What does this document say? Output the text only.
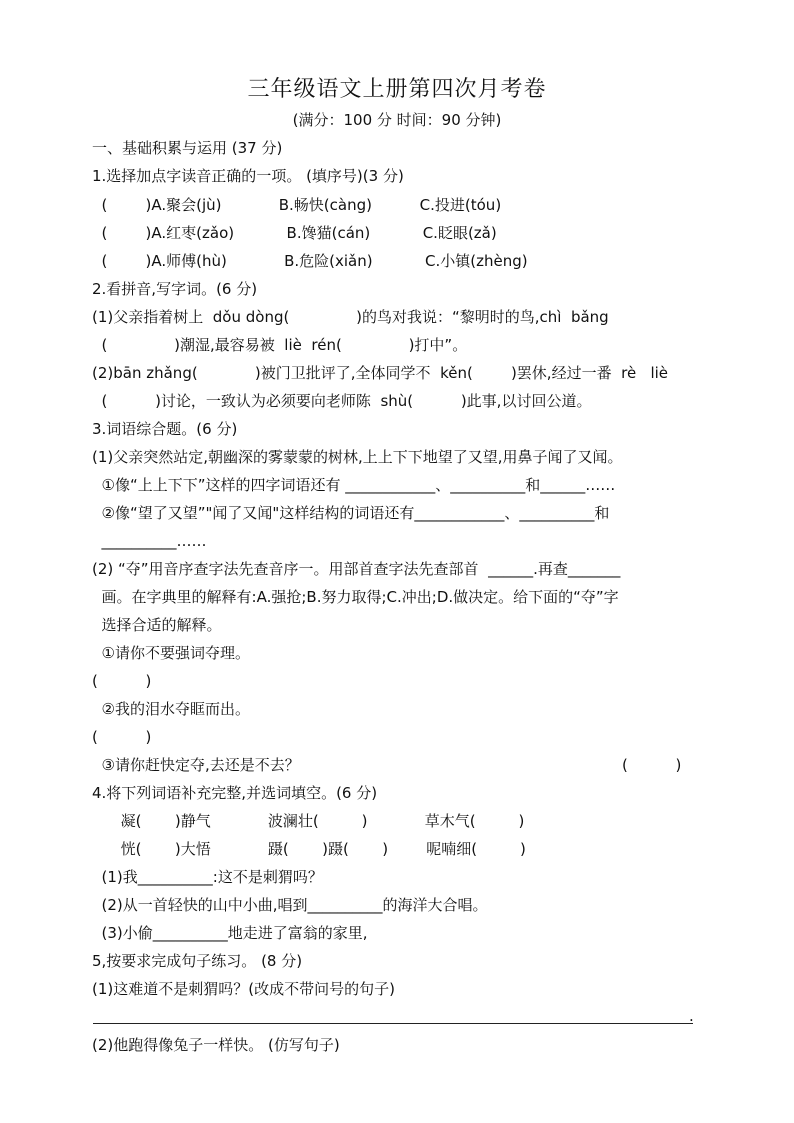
三年级语文上册第四次月考卷
(满分：100 分 时间：90 分钟)
一、基础积累与运用 (37 分)
1.选择加点字读音正确的一项。 (填序号)(3 分)
(        )A.聚会(jù)            B.畅快(càng)          C.投进(tóu)
(        )A.红枣(zǎo)           B.馋猫(cán)           C.眨眼(zǎ)
(        )A.师傅(hù)            B.危险(xiǎn)           C.小镇(zhèng)
2.看拼音,写字词。(6 分)
(1)父亲指着树上  dǒu dòng(              )的鸟对我说：“黎明时的鸟,chì  bǎng
(              )潮湿,最容易被  liè  rén(              )打中”。
(2)bān zhǎng(            )被门卫批评了,全体同学不  kěn(        )罢休,经过一番  rè   liè
(          )讨论，一致认为必须要向老师陈  shù(          )此事,以讨回公道。
3.词语综合题。(6 分)
(1)父亲突然站定,朝幽深的雾蒙蒙的树林,上上下下地望了又望,用鼻子闻了又闻。
①像“上上下下”这样的四字词语还有 ____________、__________和______……
②像“望了又望”"闻了又闻"这样结构的词语还有____________、__________和
__________……
(2) “夺”用音序查字法先查音序一。用部首查字法先查部首  ______.再查_______
画。在字典里的解释有:A.强抢;B.努力取得;C.冲出;D.做决定。给下面的“夺”字
选择合适的解释。
①请你不要强词夺理。
(          )
②我的泪水夺眶而出。
(          )
③请你赶快定夺,去还是不去？	(          )
4.将下列词语补充完整,并选词填空。(6 分)
凝(       )静气            波澜壮(         )            草木气(         )
恍(       )大悟            蹑(       )蹑(       )        呢喃细(         )
(1)我__________:这不是刺猬吗？
(2)从一首轻快的山中小曲,唱到__________的海洋大合唱。
(3)小偷__________地走进了富翁的家里,
5,按要求完成句子练习。 (8 分)
(1)这难道不是刺猬吗？(改成不带问号的句子)
.
(2)他跑得像兔子一样快。 (仿写句子)
